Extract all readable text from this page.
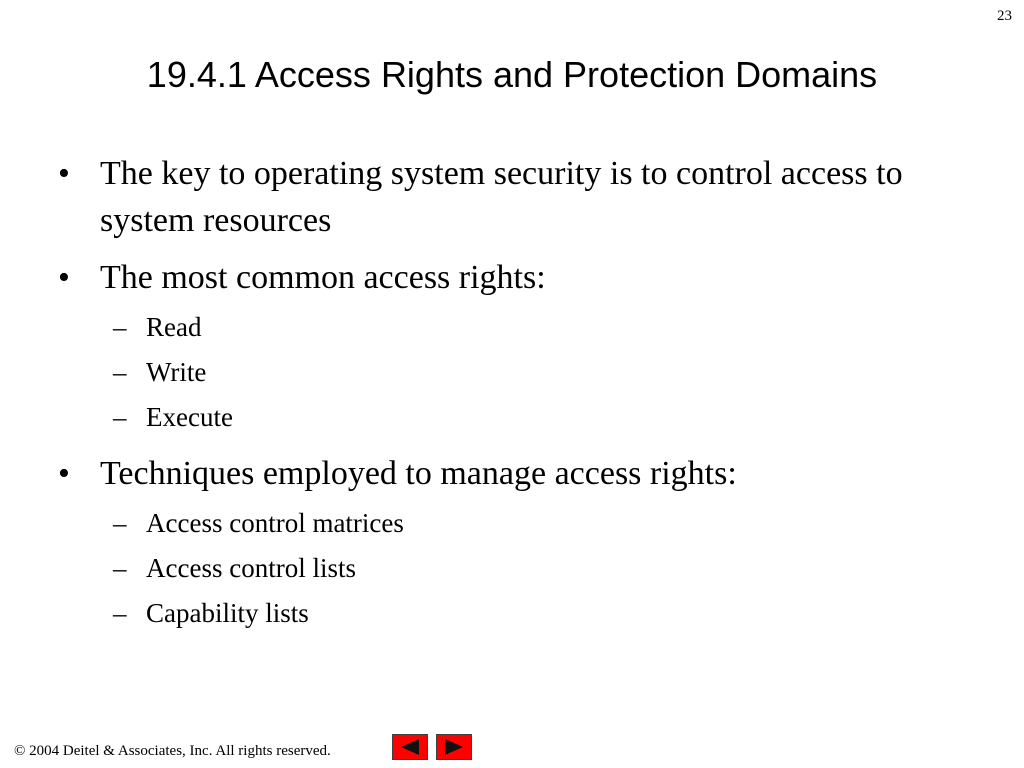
23
19.4.1 Access Rights and Protection Domains
• The key to operating system security is to control access to system resources
• The most common access rights:
– Read
– Write
– Execute
• Techniques employed to manage access rights:
– Access control matrices
– Access control lists
– Capability lists
© 2004 Deitel & Associates, Inc. All rights reserved.
